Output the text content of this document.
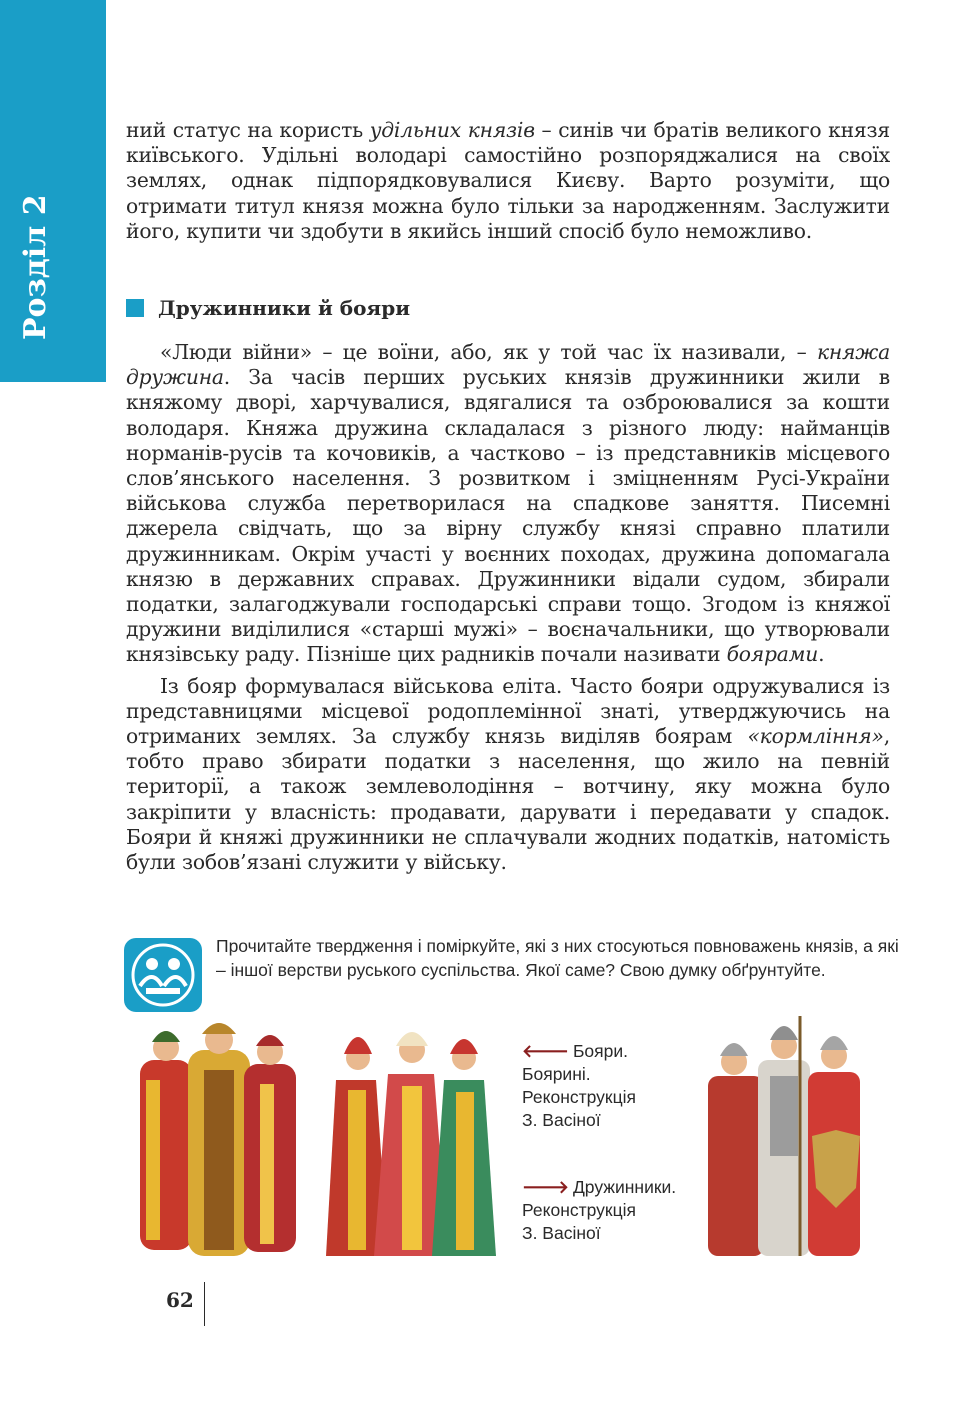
Розділ 2

ний статус на користь удільних князів – синів чи братів великого князя київського. Удільні володарі самостійно розпоряджалися на своїх землях, однак підпорядковувалися Києву. Варто розуміти, що отримати титул князя можна було тільки за народженням. Заслужити його, купити чи здобути в якийсь інший спосіб було неможливо.

Дружинники й бояри

«Люди війни» – це воїни, або, як у той час їх називали, – княжа дружина. За часів перших руських князів дружинники жили в княжому дворі, харчувалися, вдягалися та озброювалися за кошти володаря. Княжа дружина складалася з різного люду: найманців норманів-русів та кочовиків, а частково – із представників місцевого слов’янського населення. З розвитком і зміцненням Русі-України військова служба перетворилася на спадкове заняття. Писемні джерела свідчать, що за вірну службу князі справно платили дружинникам. Окрім участі у воєнних походах, дружина допомагала князю в державних справах. Дружинники відали судом, збирали податки, залагоджували господарські справи тощо. Згодом із княжої дружини виділилися «старші мужі» – воєначальники, що утворювали князівську раду. Пізніше цих радників почали називати боярами.

Із бояр формувалася військова еліта. Часто бояри одружувалися із представницями місцевої родоплемінної знаті, утверджуючись на отриманих землях. За службу князь виділяв боярам «кормління», тобто право збирати податки з населення, що жило на певній території, а також землеволодіння – вотчину, яку можна було закріпити у власність: продавати, дарувати і передавати у спадок. Бояри й княжі дружинники не сплачували жодних податків, натомість були зобов’язані служити у війську.

Прочитайте твердження і поміркуйте, які з них стосуються повноважень князів, а які – іншої верстви руського суспільства. Якої саме? Свою думку обґрунтуйте.
🡐 Бояри.
Боярині.
Реконструкція
З. Васіної
🡒 Дружинники.
Реконструкція
З. Васіної
62
